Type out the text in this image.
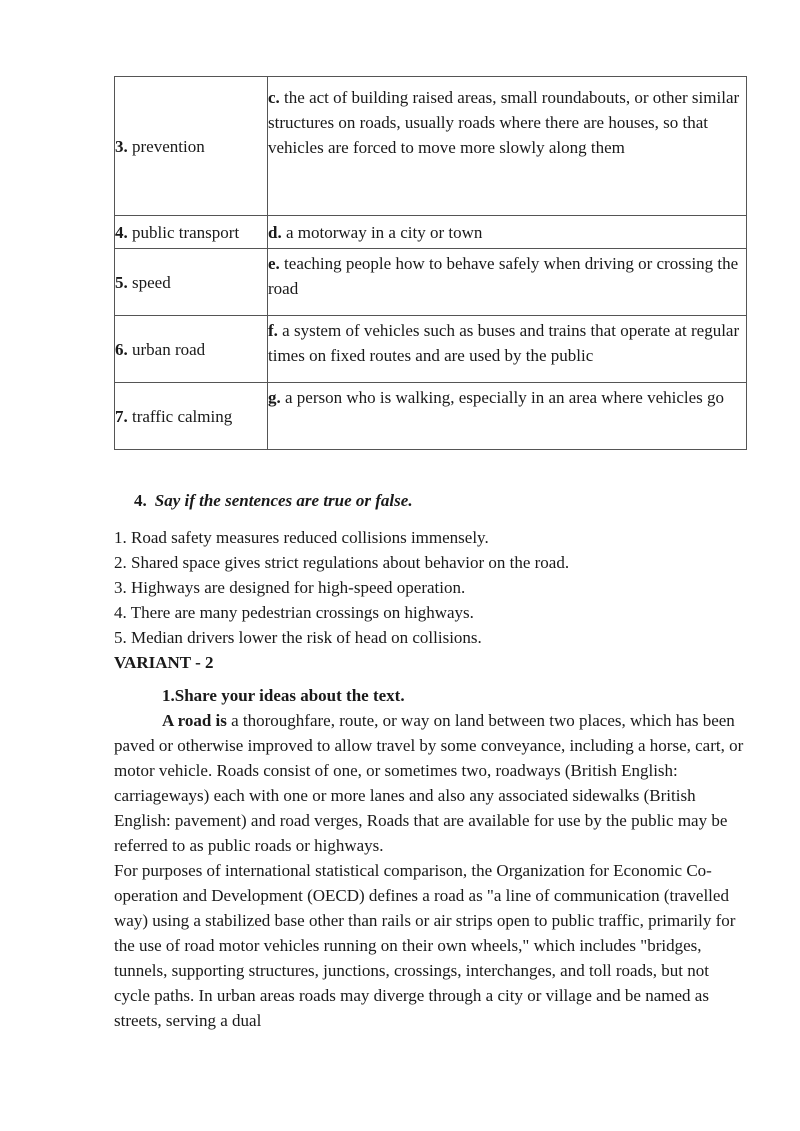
3. prevention	c. the act of building raised areas, small roundabouts, or other similar structures on roads, usually roads where there are houses, so that vehicles are forced to move more slowly along them
4. public transport	d. a motorway in a city or town
5. speed	e. teaching people how to behave safely when driving or crossing the road
6. urban road	f. a system of vehicles such as buses and trains that operate at regular times on fixed routes and are used by the public
7. traffic calming	g. a person who is walking, especially in an area where vehicles go
4. Say if the sentences are true or false.
1. Road safety measures reduced collisions immensely.
2. Shared space gives strict regulations about behavior on the road.
3. Highways are designed for high-speed operation.
4. There are many pedestrian crossings on highways.
5. Median drivers lower the risk of head on collisions.
VARIANT - 2
1.Share your ideas about the text.
A road is a thoroughfare, route, or way on land between two places, which has been paved or otherwise improved to allow travel by some conveyance, including a horse, cart, or motor vehicle. Roads consist of one, or sometimes two, roadways (British English: carriageways) each with one or more lanes and also any associated sidewalks (British English: pavement) and road verges, Roads that are available for use by the public may be referred to as public roads or highways.
For purposes of international statistical comparison, the Organization for Economic Co-operation and Development (OECD) defines a road as "a line of communication (travelled way) using a stabilized base other than rails or air strips open to public traffic, primarily for the use of road motor vehicles running on their own wheels," which includes "bridges, tunnels, supporting structures, junctions, crossings, interchanges, and toll roads, but not cycle paths. In urban areas roads may diverge through a city or village and be named as streets, serving a dual
